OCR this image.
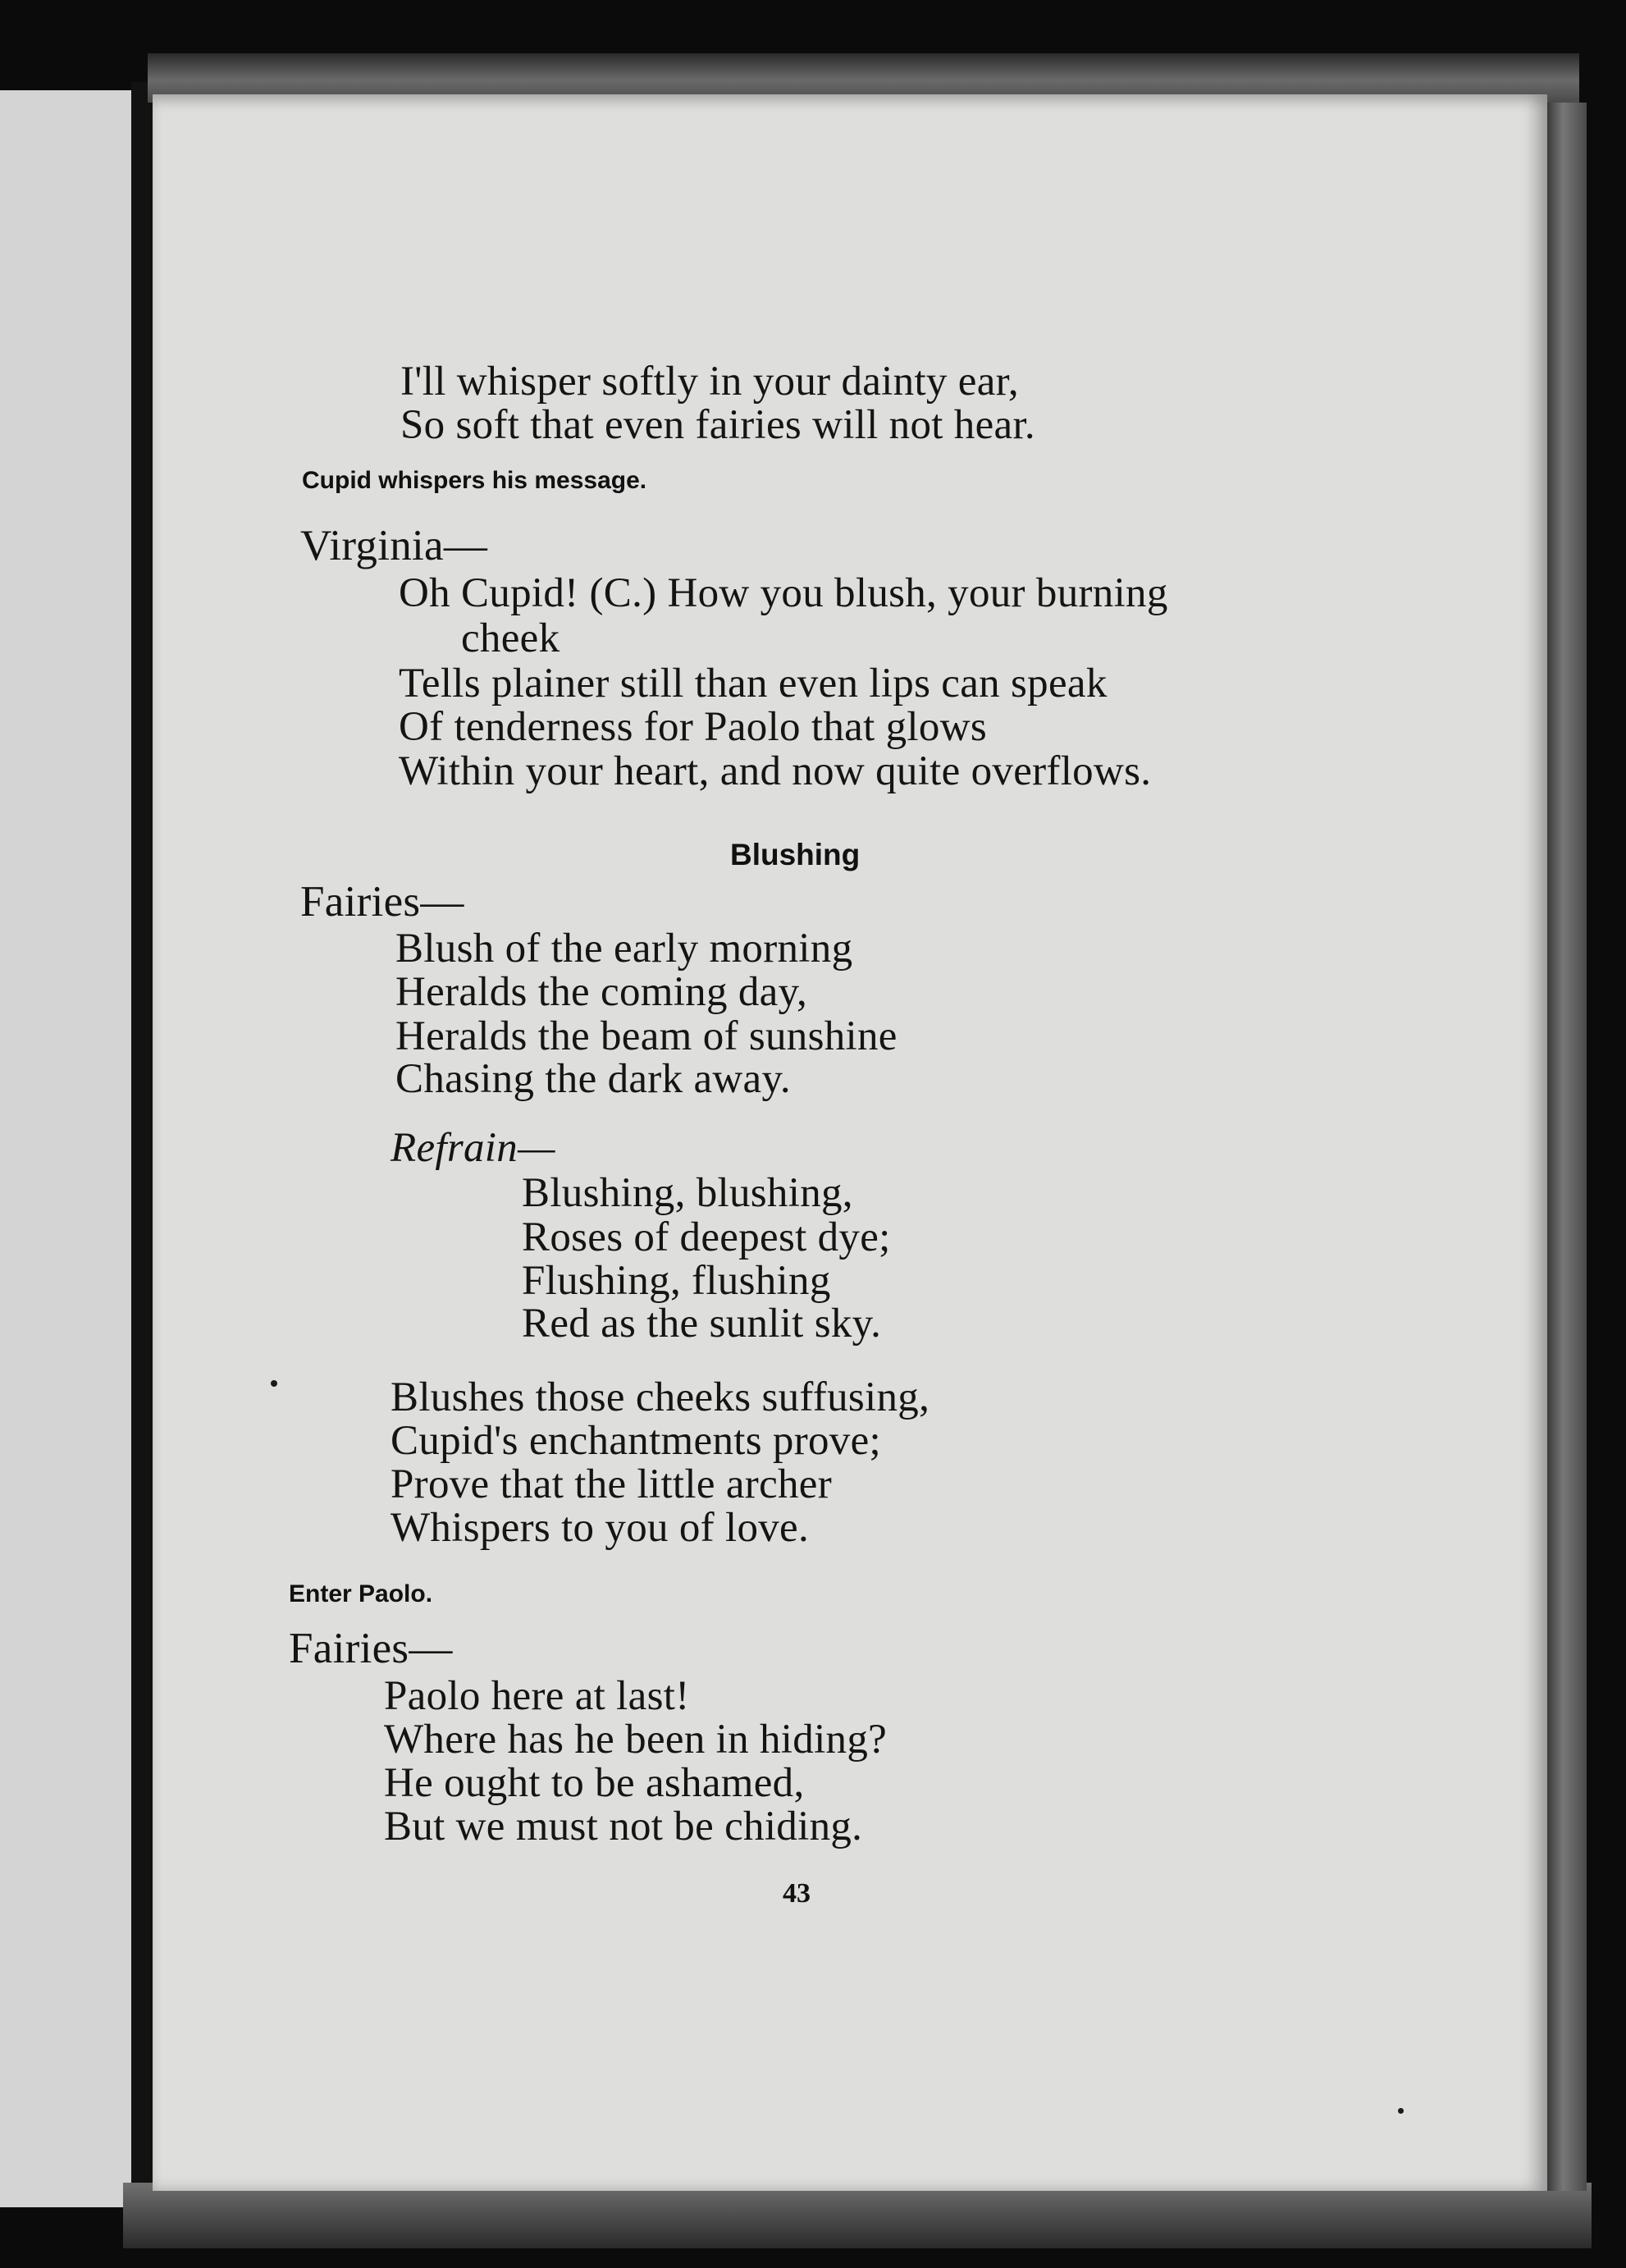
I'll whisper softly in your dainty ear,

So soft that even fairies will not hear.

Cupid whispers his message.

Virginia—

Oh Cupid! (C.) How you blush, your burning

cheek

Tells plainer still than even lips can speak

Of tenderness for Paolo that glows

Within your heart, and now quite overflows.

Blushing

Fairies—

Blush of the early morning

Heralds the coming day,

Heralds the beam of sunshine

Chasing the dark away.

Refrain—

Blushing, blushing,

Roses of deepest dye;

Flushing, flushing

Red as the sunlit sky.

Blushes those cheeks suffusing,

Cupid's enchantments prove;

Prove that the little archer

Whispers to you of love.

Enter Paolo.

Fairies—

Paolo here at last!

Where has he been in hiding?

He ought to be ashamed,

But we must not be chiding.

43
